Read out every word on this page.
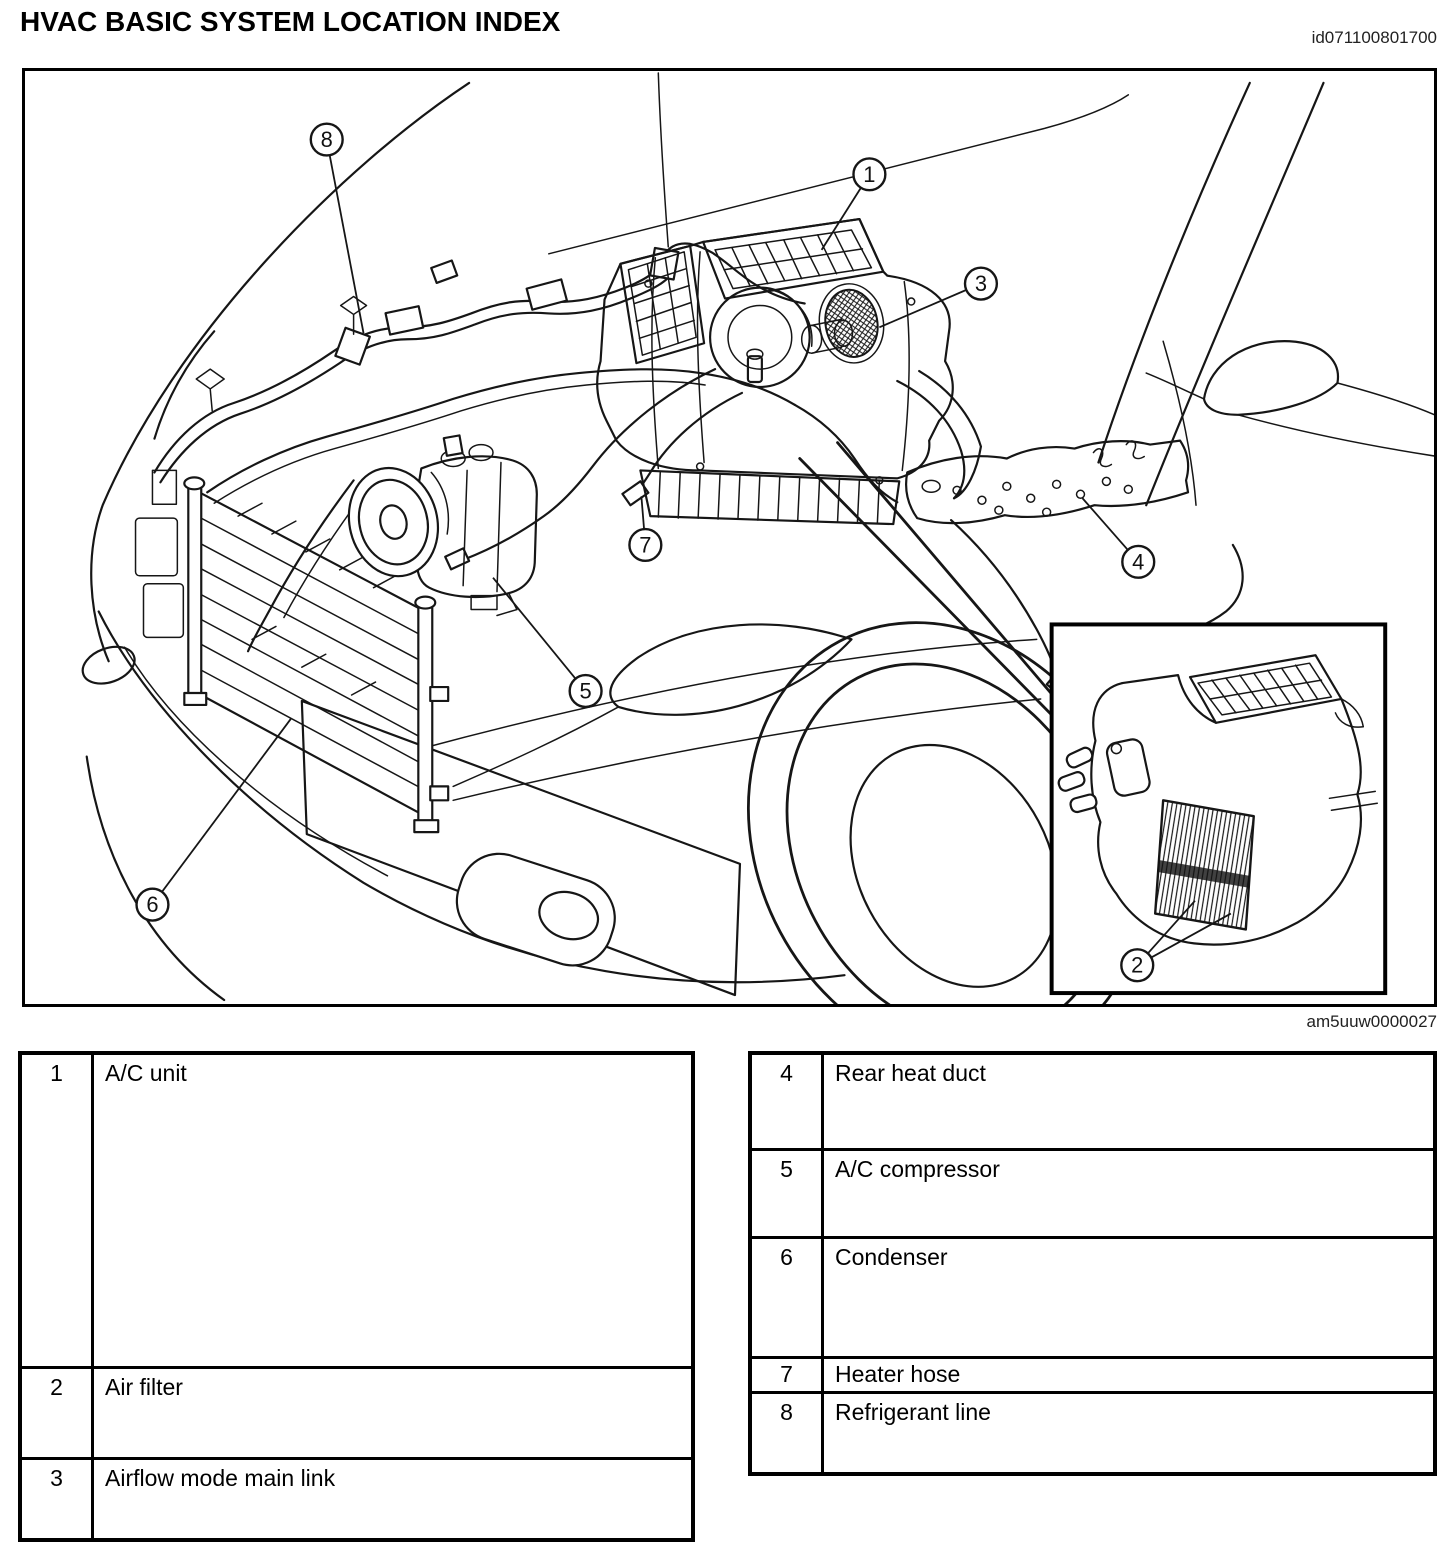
HVAC BASIC SYSTEM LOCATION INDEX
id071100801700
1
2
3
4
5
6
7
8
am5uuw0000027
1	A/C unit
2	Air filter
3	Airflow mode main link
4	Rear heat duct
5	A/C compressor
6	Condenser
7	Heater hose
8	Refrigerant line
